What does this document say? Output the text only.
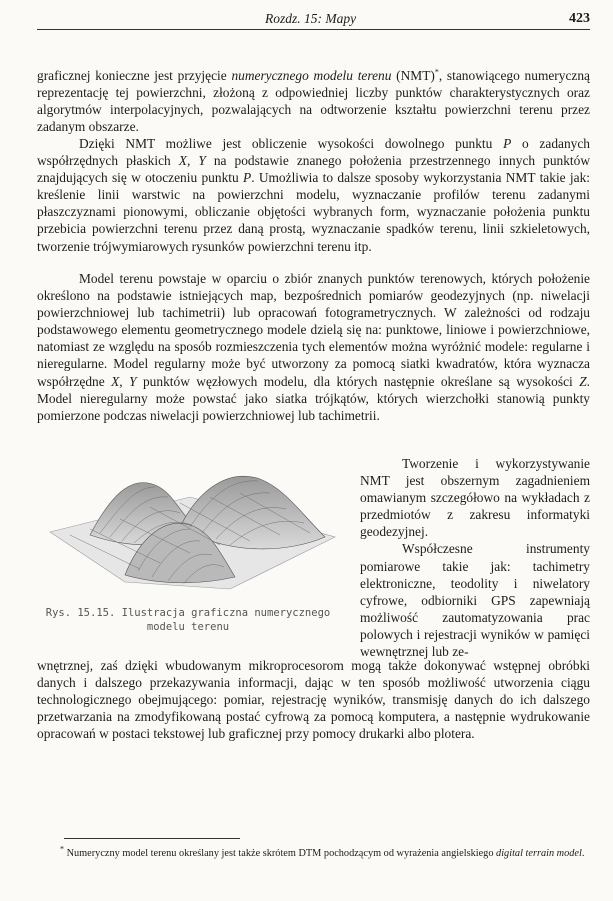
Rozdz. 15: Mapy	423

graficznej konieczne jest przyjęcie numerycznego modelu terenu (NMT)*, stanowiącego numeryczną reprezentację tej powierzchni, złożoną z odpowiedniej liczby punktów charakterystycznych oraz algorytmów interpolacyjnych, pozwalających na odtworzenie kształtu powierzchni terenu przez zadanym obszarze.

Dzięki NMT możliwe jest obliczenie wysokości dowolnego punktu P o zadanych współrzędnych płaskich X, Y na podstawie znanego położenia przestrzennego innych punktów znajdujących się w otoczeniu punktu P. Umożliwia to dalsze sposoby wykorzystania NMT takie jak: kreślenie linii warstwic na powierzchni modelu, wyznaczanie profilów terenu zadanymi płaszczyznami pionowymi, obliczanie objętości wybranych form, wyznaczanie położenia punktu przebicia powierzchni terenu przez daną prostą, wyznaczanie spadków terenu, linii szkieletowych, tworzenie trójwymiarowych rysunków powierzchni terenu itp.

Model terenu powstaje w oparciu o zbiór znanych punktów terenowych, których położenie określono na podstawie istniejących map, bezpośrednich pomiarów geodezyjnych (np. niwelacji powierzchniowej lub tachimetrii) lub opracowań fotogrametrycznych. W zależności od rodzaju podstawowego elementu geometrycznego modele dzielą się na: punktowe, liniowe i powierzchniowe, natomiast ze względu na sposób rozmieszczenia tych elementów można wyróżnić modele: regularne i nieregularne. Model regularny może być utworzony za pomocą siatki kwadratów, która wyznacza współrzędne X, Y punktów węzłowych modelu, dla których następnie określane są wysokości Z. Model nieregularny może powstać jako siatka trójkątów, których wierzchołki stanowią punkty pomierzone podczas niwelacji powierzchniowej lub tachimetrii.

Rys. 15.15. Ilustracja graficzna numerycznego
modelu terenu

Tworzenie i wykorzystywanie NMT jest obszernym zagadnieniem omawianym szczegółowo na wykładach z przedmiotów z zakresu informatyki geodezyjnej.

Współczesne instrumenty pomiarowe takie jak: tachimetry elektroniczne, teodolity i niwelatory cyfrowe, odbiorniki GPS zapewniają możliwość zautomatyzowania prac polowych i rejestracji wyników w pamięci wewnętrznej lub ze-

wnętrznej, zaś dzięki wbudowanym mikroprocesorom mogą także dokonywać wstępnej obróbki danych i dalszego przekazywania informacji, dając w ten sposób możliwość utworzenia ciągu technologicznego obejmującego: pomiar, rejestrację wyników, transmisję danych do ich dalszego przetwarzania na zmodyfikowaną postać cyfrową za pomocą komputera, a następnie wydrukowanie opracowań w postaci tekstowej lub graficznej przy pomocy drukarki albo plotera.

* Numeryczny model terenu określany jest także skrótem DTM pochodzącym od wyrażenia angielskiego digital terrain model.
